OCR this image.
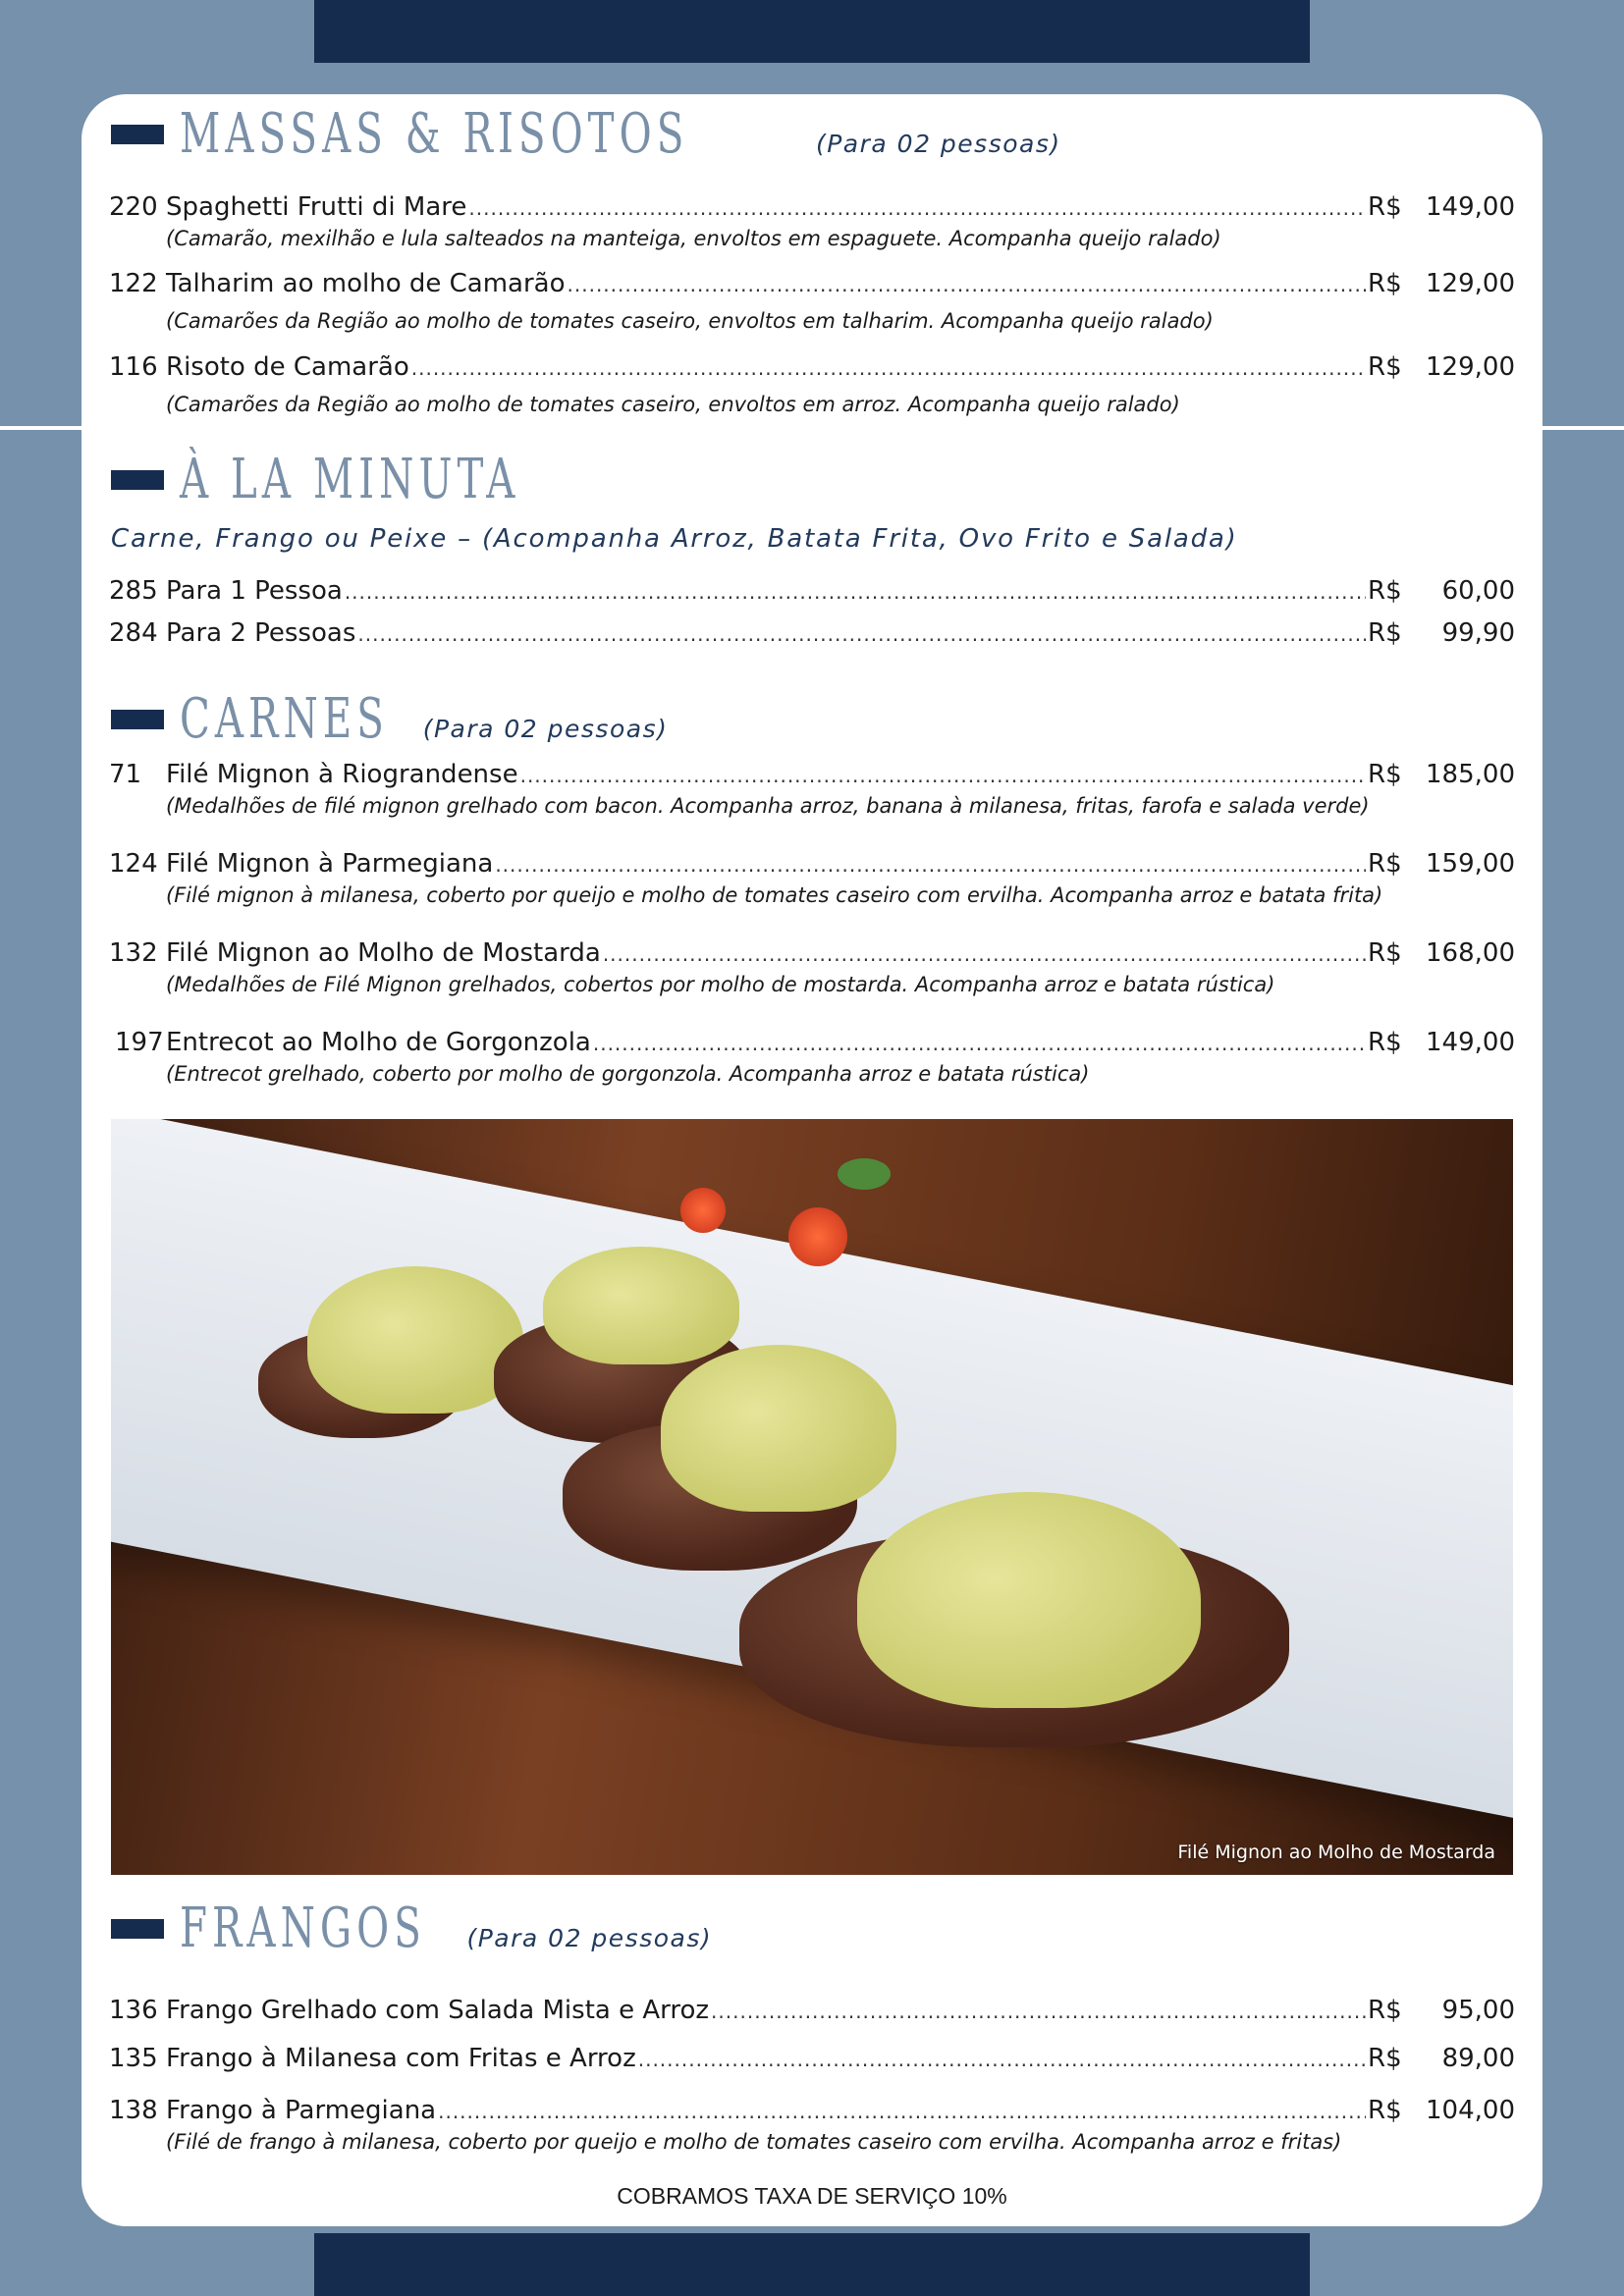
MASSAS & RISOTOS	(Para 02 pessoas)
220 Spaghetti Frutti di Mare .....	R$ 149,00
(Camarão, mexilhão e lula salteados na manteiga, envoltos em espaguete. Acompanha queijo ralado)
122 Talharim ao molho de Camarão .....	R$ 129,00
(Camarões da Região ao molho de tomates caseiro, envoltos em talharim. Acompanha queijo ralado)
116 Risoto de Camarão .....	R$ 129,00
(Camarões da Região ao molho de tomates caseiro, envoltos em arroz. Acompanha queijo ralado)
À LA MINUTA
Carne, Frango ou Peixe – (Acompanha Arroz, Batata Frita, Ovo Frito e Salada)
285 Para 1 Pessoa .....	R$ 60,00
284 Para 2 Pessoas .....	R$ 99,90
CARNES (Para 02 pessoas)
71 Filé Mignon à Riograndense .....	R$ 185,00
(Medalhões de filé mignon grelhado com bacon. Acompanha arroz, banana à milanesa, fritas, farofa e salada verde)
124 Filé Mignon à Parmegiana .....	R$ 159,00
(Filé mignon à milanesa, coberto por queijo e molho de tomates caseiro com ervilha. Acompanha arroz e batata frita)
132 Filé Mignon ao Molho de Mostarda .....	R$ 168,00
(Medalhões de Filé Mignon grelhados, cobertos por molho de mostarda. Acompanha arroz e batata rústica)
197 Entrecot ao Molho de Gorgonzola .....	R$ 149,00
(Entrecot grelhado, coberto por molho de gorgonzola. Acompanha arroz e batata rústica)
Filé Mignon ao Molho de Mostarda
FRANGOS (Para 02 pessoas)
136 Frango Grelhado com Salada Mista e Arroz .....	R$ 95,00
135 Frango à Milanesa com Fritas e Arroz .....	R$ 89,00
138 Frango à Parmegiana .....	R$ 104,00
(Filé de frango à milanesa, coberto por queijo e molho de tomates caseiro com ervilha. Acompanha arroz e fritas)
COBRAMOS TAXA DE SERVIÇO 10%
